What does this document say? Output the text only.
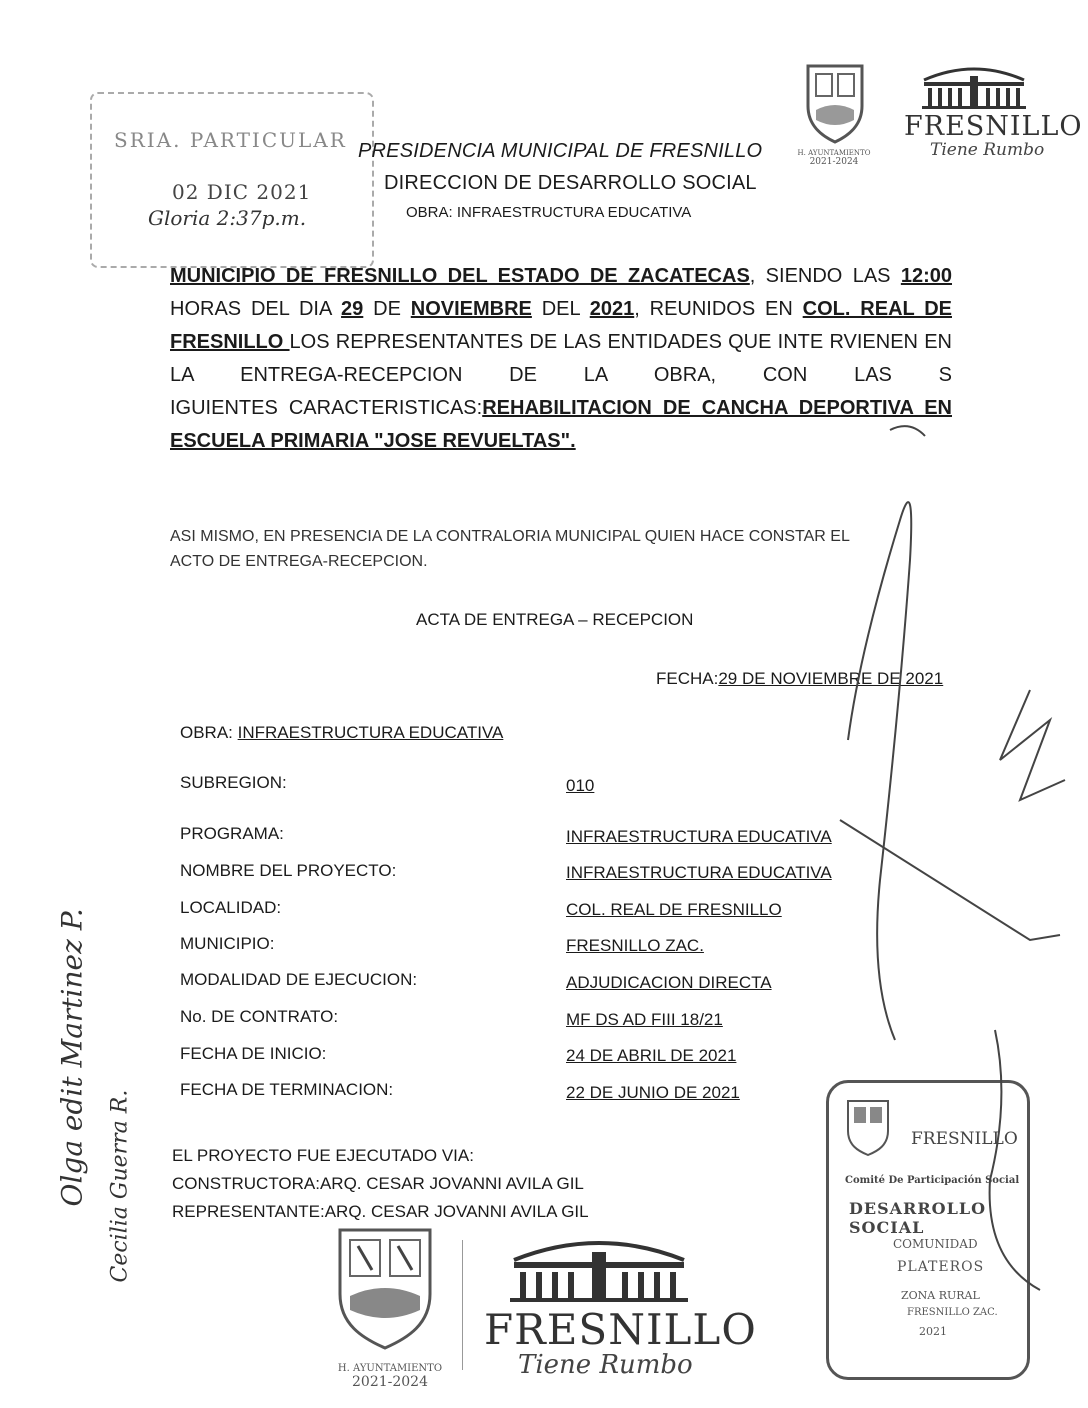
SRIA. PARTICULAR
02 DIC 2021
Gloria 2:37p.m.
PRESIDENCIA MUNICIPAL DE FRESNILLO
DIRECCION DE DESARROLLO SOCIAL
OBRA: INFRAESTRUCTURA EDUCATIVA
H. AYUNTAMIENTO
2021-2024
FRESNILLO
Tiene Rumbo
MUNICIPIO DE FRESNILLO DEL ESTADO DE ZACATECAS, SIENDO LAS 12:00
HORAS DEL DIA 29 DE NOVIEMBRE DEL 2021, REUNIDOS EN COL. REAL DE
FRESNILLO LOS REPRESENTANTES DE LAS ENTIDADES QUE INTE RVIENEN EN
LA ENTREGA-RECEPCION DE LA OBRA, CON LAS S
IGUIENTES CARACTERISTICAS:REHABILITACION DE CANCHA DEPORTIVA EN
ESCUELA PRIMARIA "JOSE REVUELTAS".
ASI MISMO, EN PRESENCIA DE LA CONTRALORIA MUNICIPAL QUIEN HACE CONSTAR EL
ACTO DE ENTREGA-RECEPCION.
ACTA DE ENTREGA – RECEPCION
FECHA:29 DE NOVIEMBRE DE 2021
OBRA: INFRAESTRUCTURA EDUCATIVA
SUBREGION:	010
PROGRAMA:	INFRAESTRUCTURA EDUCATIVA
NOMBRE DEL PROYECTO:	INFRAESTRUCTURA EDUCATIVA
LOCALIDAD:	COL. REAL DE FRESNILLO
MUNICIPIO:	FRESNILLO ZAC.
MODALIDAD DE EJECUCION:	ADJUDICACION DIRECTA
No. DE CONTRATO:	MF DS AD FIII 18/21
FECHA DE INICIO:	24 DE ABRIL DE 2021
FECHA DE TERMINACION:	22 DE JUNIO DE 2021
EL PROYECTO FUE EJECUTADO VIA:
CONSTRUCTORA:ARQ. CESAR JOVANNI AVILA GIL
REPRESENTANTE:ARQ. CESAR JOVANNI AVILA GIL
H. AYUNTAMIENTO
2021-2024
FRESNILLO
Tiene Rumbo
FRESNILLO
Comité De Participación Social
DESARROLLO SOCIAL
COMUNIDAD
PLATEROS
ZONA RURAL
FRESNILLO ZAC.
2021
Olga edit Martinez P. Cecilia Guerra R.
